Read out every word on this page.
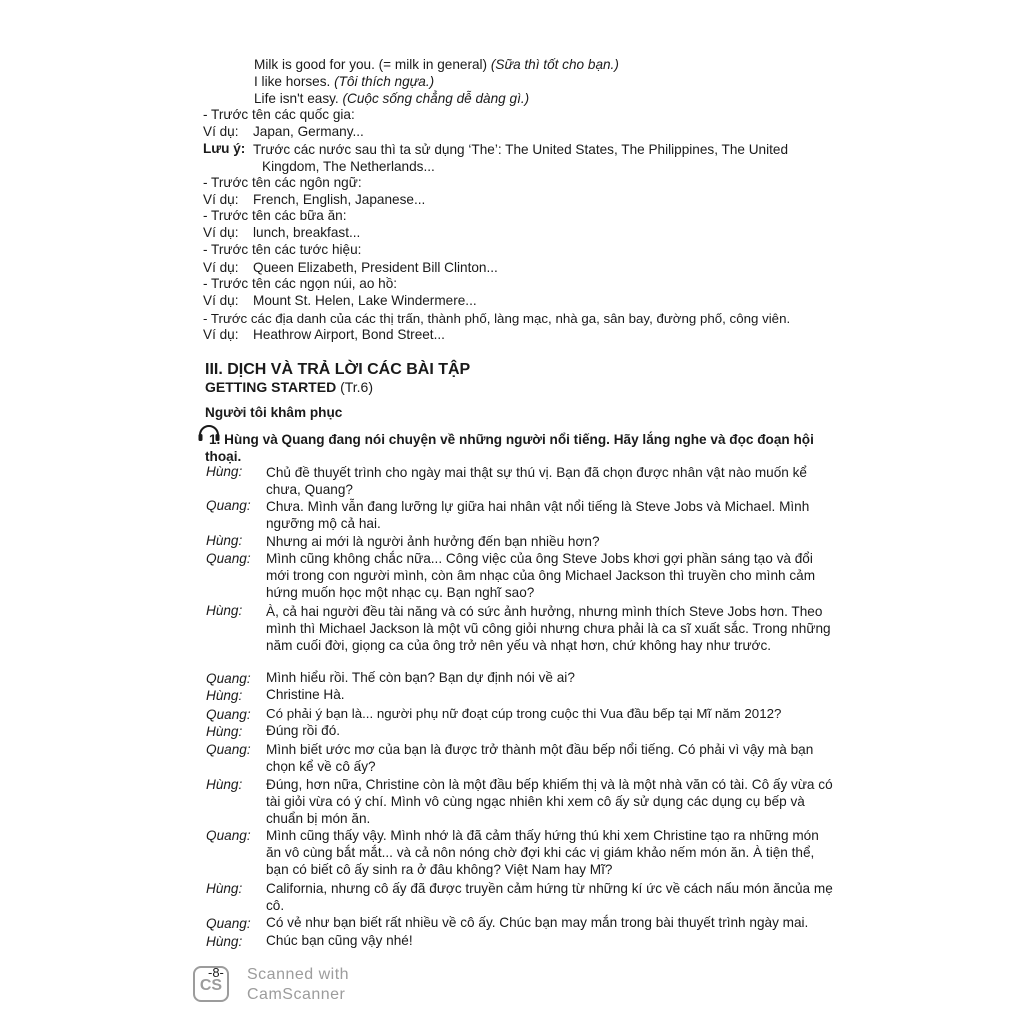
Milk is good for you. (= milk in general) (Sữa thì tốt cho bạn.)
I like horses. (Tôi thích ngựa.)
Life isn't easy. (Cuộc sống chẳng dễ dàng gì.)
- Trước tên các quốc gia:
Ví dụ: Japan, Germany...
Lưu ý: Trước các nước sau thì ta sử dụng ‘The’: The United States, The Philippines, The United
Kingdom, The Netherlands...
- Trước tên các ngôn ngữ:
Ví dụ: French, English, Japanese...
- Trước tên các bữa ăn:
Ví dụ: lunch, breakfast...
- Trước tên các tước hiệu:
Ví dụ: Queen Elizabeth, President Bill Clinton...
- Trước tên các ngọn núi, ao hồ:
Ví dụ: Mount St. Helen, Lake Windermere...
- Trước các địa danh của các thị trấn, thành phố, làng mạc, nhà ga, sân bay, đường phố, công viên.
Ví dụ: Heathrow Airport, Bond Street...
III. DỊCH VÀ TRẢ LỜI CÁC BÀI TẬP
GETTING STARTED (Tr.6)
Người tôi khâm phục
1. Hùng và Quang đang nói chuyện về những người nổi tiếng. Hãy lắng nghe và đọc đoạn hội thoại.
Hùng:	Chủ đề thuyết trình cho ngày mai thật sự thú vị. Bạn đã chọn được nhân vật nào muốn kể chưa, Quang?
Quang:	Chưa. Mình vẫn đang lưỡng lự giữa hai nhân vật nổi tiếng là Steve Jobs và Michael. Mình ngưỡng mộ cả hai.
Hùng:	Nhưng ai mới là người ảnh hưởng đến bạn nhiều hơn?
Quang:	Mình cũng không chắc nữa... Công việc của ông Steve Jobs khơi gợi phần sáng tạo và đổi mới trong con người mình, còn âm nhạc của ông Michael Jackson thì truyền cho mình cảm hứng muốn học một nhạc cụ. Bạn nghĩ sao?
Hùng:	À, cả hai người đều tài năng và có sức ảnh hưởng, nhưng mình thích Steve Jobs hơn. Theo mình thì Michael Jackson là một vũ công giỏi nhưng chưa phải là ca sĩ xuất sắc. Trong những năm cuối đời, giọng ca của ông trở nên yếu và nhạt hơn, chứ không hay như trước.
Quang:	Mình hiểu rồi. Thế còn bạn? Bạn dự định nói về ai?
Hùng:	Christine Hà.
Quang:	Có phải ý bạn là... người phụ nữ đoạt cúp trong cuộc thi Vua đầu bếp tại Mĩ năm 2012?
Hùng:	Đúng rồi đó.
Quang:	Mình biết ước mơ của bạn là được trở thành một đầu bếp nổi tiếng. Có phải vì vậy mà bạn chọn kể về cô ấy?
Hùng:	Đúng, hơn nữa, Christine còn là một đầu bếp khiếm thị và là một nhà văn có tài. Cô ấy vừa có tài giỏi vừa có ý chí. Mình vô cùng ngạc nhiên khi xem cô ấy sử dụng các dụng cụ bếp và chuẩn bị món ăn.
Quang:	Mình cũng thấy vậy. Mình nhớ là đã cảm thấy hứng thú khi xem Christine tạo ra những món ăn vô cùng bắt mắt... và cả nôn nóng chờ đợi khi các vị giám khảo nếm món ăn. À tiện thể, bạn có biết cô ấy sinh ra ở đâu không? Việt Nam hay Mĩ?
Hùng:	California, nhưng cô ấy đã được truyền cảm hứng từ những kí ức về cách nấu món ăncủa mẹ cô.
Quang:	Có vẻ như bạn biết rất nhiều về cô ấy. Chúc bạn may mắn trong bài thuyết trình ngày mai.
Hùng:	Chúc bạn cũng vậy nhé!
CS
Scanned with
CamScanner
-8-
